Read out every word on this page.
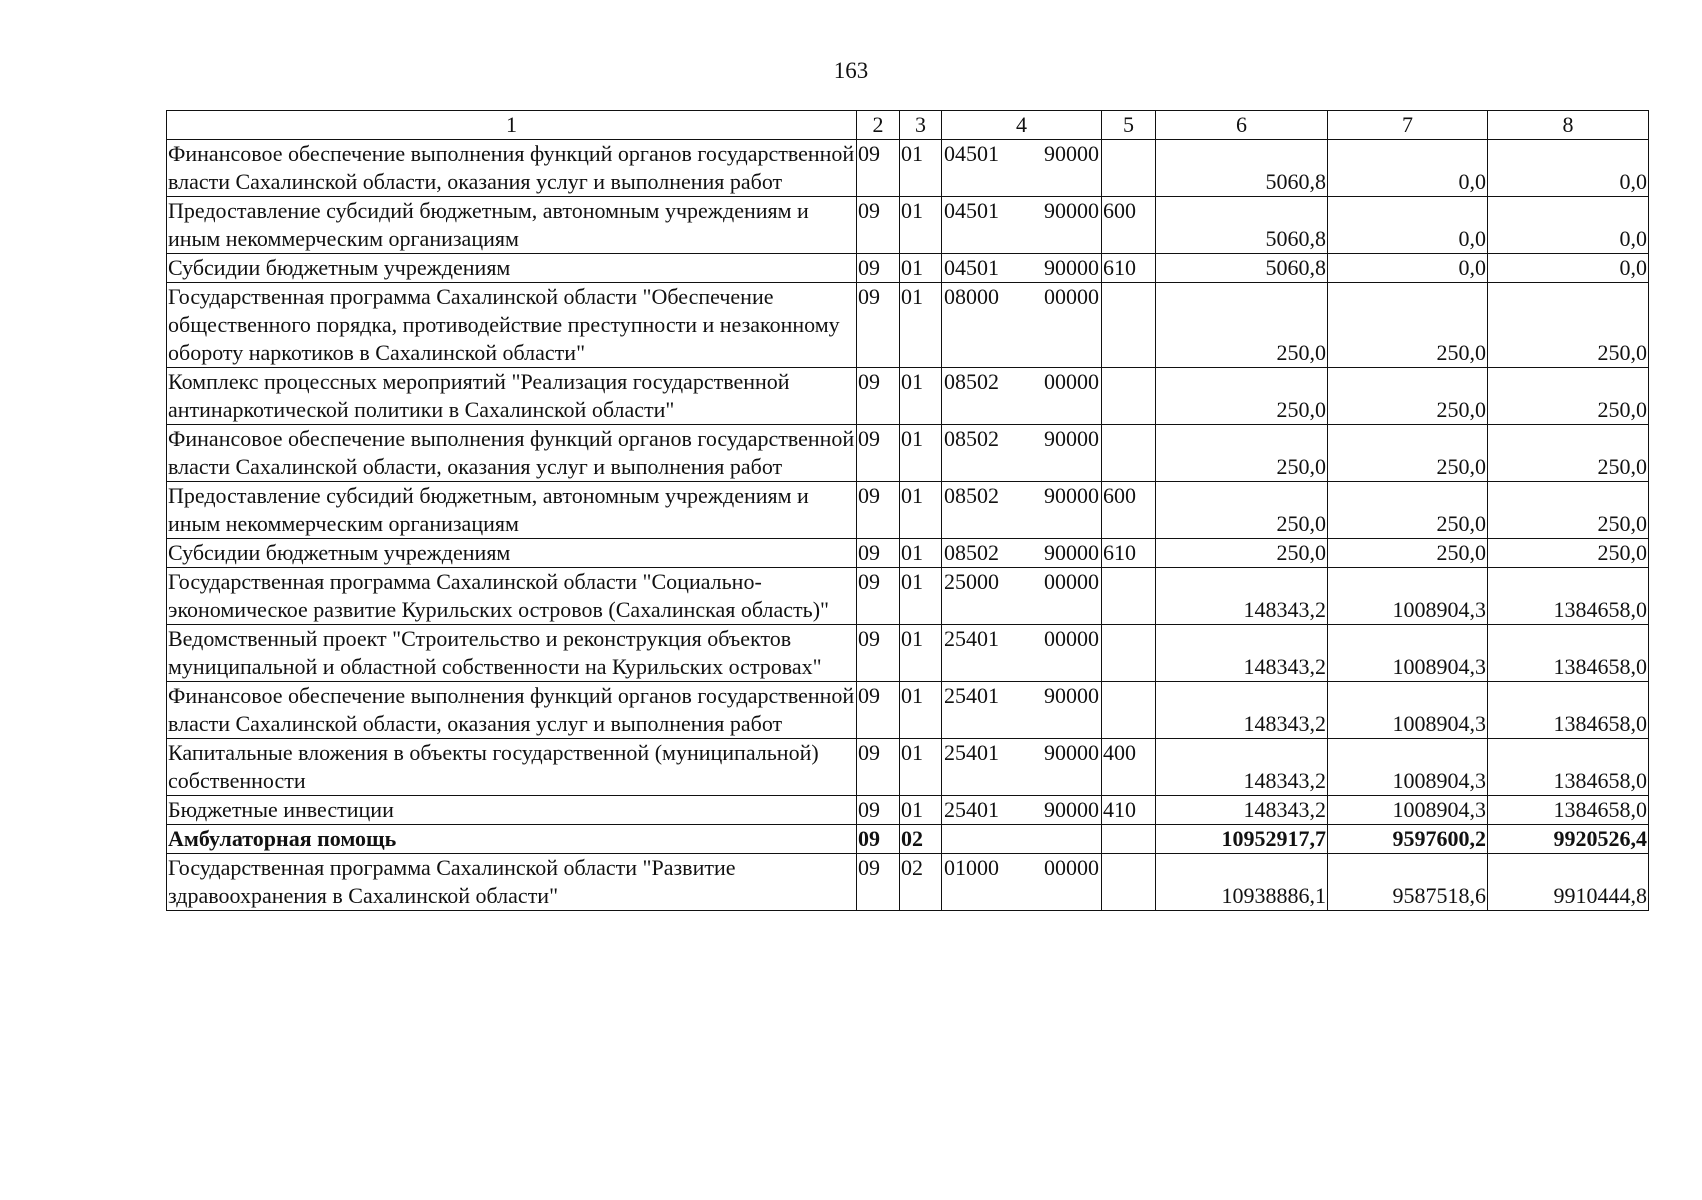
163
1	2	3	4	5	6	7	8
Финансовое обеспечение выполнения функций органов государственной власти Сахалинской области, оказания услуг и выполнения работ	09	01	04501 90000		5060,8	0,0	0,0
Предоставление субсидий бюджетным, автономным учреждениям и иным некоммерческим организациям	09	01	04501 90000	600	5060,8	0,0	0,0
Субсидии бюджетным учреждениям	09	01	04501 90000	610	5060,8	0,0	0,0
Государственная программа Сахалинской области "Обеспечение общественного порядка, противодействие преступности и незаконному обороту наркотиков в Сахалинской области"	09	01	08000 00000		250,0	250,0	250,0
Комплекс процессных мероприятий "Реализация государственной антинаркотической политики в Сахалинской области"	09	01	08502 00000		250,0	250,0	250,0
Финансовое обеспечение выполнения функций органов государственной власти Сахалинской области, оказания услуг и выполнения работ	09	01	08502 90000		250,0	250,0	250,0
Предоставление субсидий бюджетным, автономным учреждениям и иным некоммерческим организациям	09	01	08502 90000	600	250,0	250,0	250,0
Субсидии бюджетным учреждениям	09	01	08502 90000	610	250,0	250,0	250,0
Государственная программа Сахалинской области "Социально-экономическое развитие Курильских островов (Сахалинская область)"	09	01	25000 00000		148343,2	1008904,3	1384658,0
Ведомственный проект "Строительство и реконструкция объектов муниципальной и областной собственности на Курильских островах"	09	01	25401 00000		148343,2	1008904,3	1384658,0
Финансовое обеспечение выполнения функций органов государственной власти Сахалинской области, оказания услуг и выполнения работ	09	01	25401 90000		148343,2	1008904,3	1384658,0
Капитальные вложения в объекты государственной (муниципальной) собственности	09	01	25401 90000	400	148343,2	1008904,3	1384658,0
Бюджетные инвестиции	09	01	25401 90000	410	148343,2	1008904,3	1384658,0
Амбулаторная помощь	09	02			10952917,7	9597600,2	9920526,4
Государственная программа Сахалинской области "Развитие здравоохранения в Сахалинской области"	09	02	01000 00000		10938886,1	9587518,6	9910444,8
